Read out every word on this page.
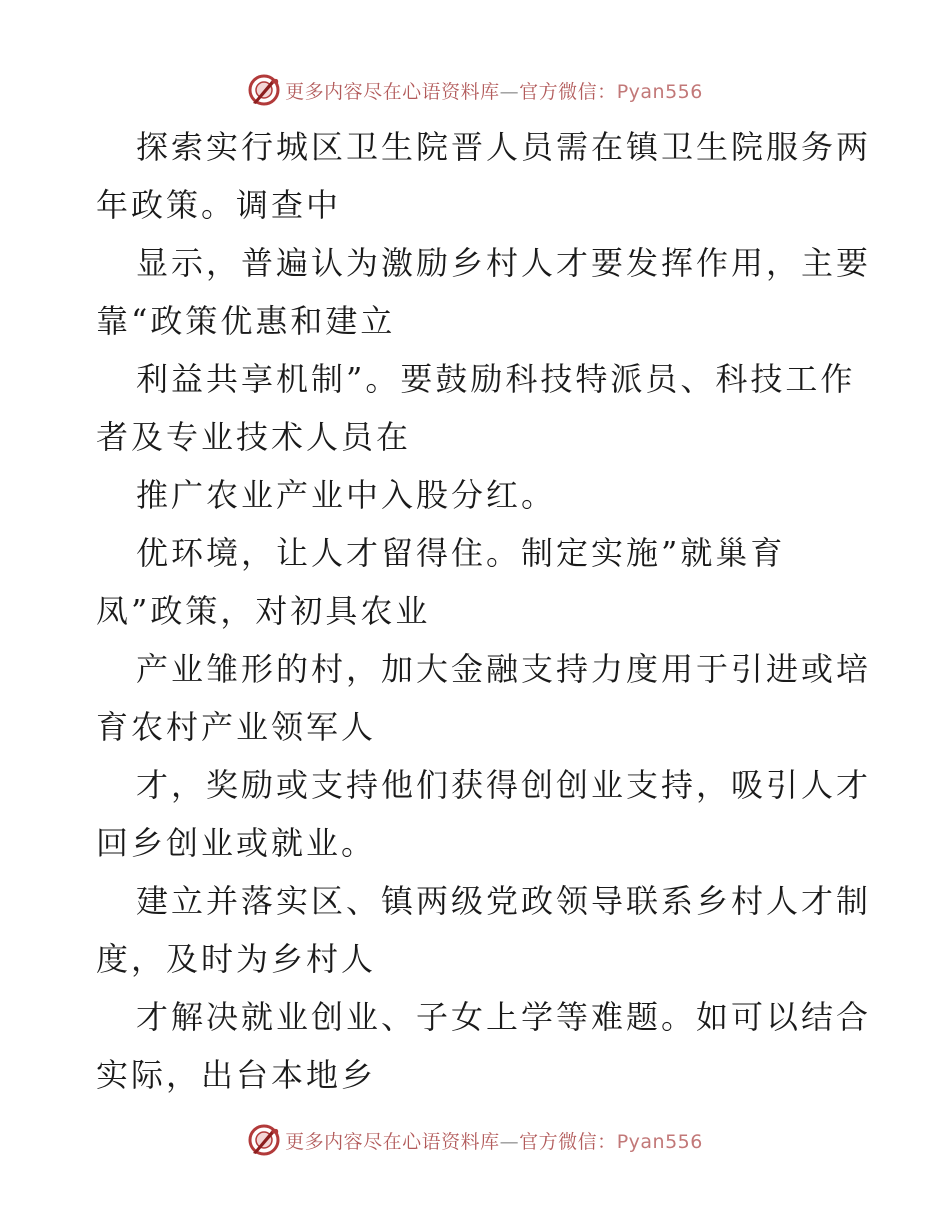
更多内容尽在心语资料库—官方微信：Pyan556
探索实行城区卫生院晋人员需在镇卫生院服务两
年政策。调查中
显示，普遍认为激励乡村人才要发挥作用，主要
靠“政策优惠和建立
利益共享机制”。要鼓励科技特派员、科技工作
者及专业技术人员在
推广农业产业中入股分红。
优环境，让人才留得住。制定实施”就巢育
凤”政策，对初具农业
产业雏形的村，加大金融支持力度用于引进或培
育农村产业领军人
才，奖励或支持他们获得创创业支持，吸引人才
回乡创业或就业。
建立并落实区、镇两级党政领导联系乡村人才制
度，及时为乡村人
才解决就业创业、子女上学等难题。如可以结合
实际，出台本地乡
更多内容尽在心语资料库—官方微信：Pyan556
